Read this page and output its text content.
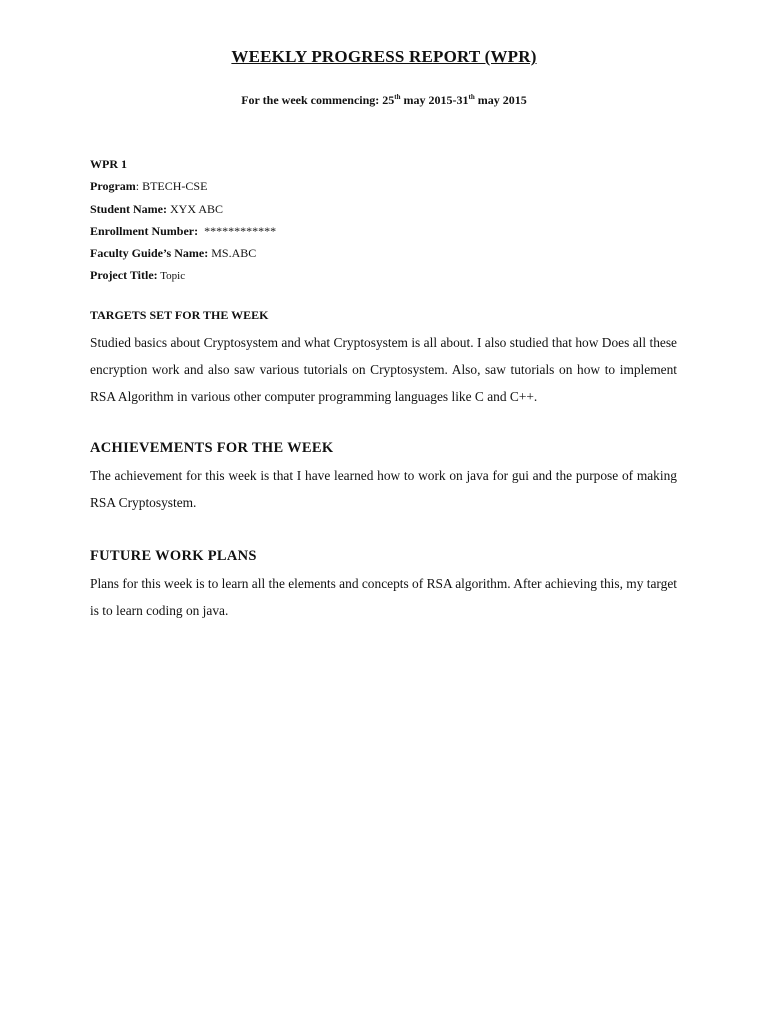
WEEKLY PROGRESS REPORT (WPR)
For the week commencing: 25th may 2015-31th may 2015
WPR 1
Program: BTECH-CSE
Student Name: XYX ABC
Enrollment Number:  ************
Faculty Guide’s Name: MS.ABC
Project Title: Topic
TARGETS SET FOR THE WEEK
Studied basics about Cryptosystem and what Cryptosystem is all about. I also studied that how Does all these encryption work and also saw various tutorials on Cryptosystem. Also, saw tutorials on how to implement RSA Algorithm in various other computer programming languages like C and C++.
ACHIEVEMENTS FOR THE WEEK
The achievement for this week is that I have learned how to work on java for gui and the purpose of making RSA Cryptosystem.
FUTURE WORK PLANS
Plans for this week is to learn all the elements and concepts of RSA algorithm. After achieving this, my target is to learn coding on java.
